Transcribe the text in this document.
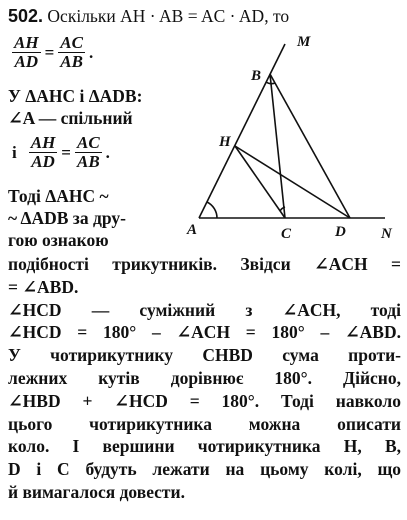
502. Оскільки AH · AB = AC · AD, то
$\frac{AH}{AD} = \frac{AC}{AB}$ .
У ΔAHC і ΔADB:
∠A — спільний
і $\frac{AH}{AD} = \frac{AC}{AB}$ .
Тоді ΔAHC ~
~ ΔADB за дру-
гою ознакою
подібності трикутників. Звідси ∠ACH =
= ∠ABD.
∠HCD — суміжний з ∠ACH, тоді
∠HCD = 180° – ∠ACH = 180° – ∠ABD.
У чотирикутнику CHBD сума проти-
лежних кутів дорівнює 180°. Дійсно,
∠HBD + ∠HCD = 180°. Тоді навколо
цього чотирикутника можна описати
коло. І вершини чотирикутника H, B,
D і C будуть лежати на цьому колі, що
й вимагалося довести.
M
B
H
A	C	D N
